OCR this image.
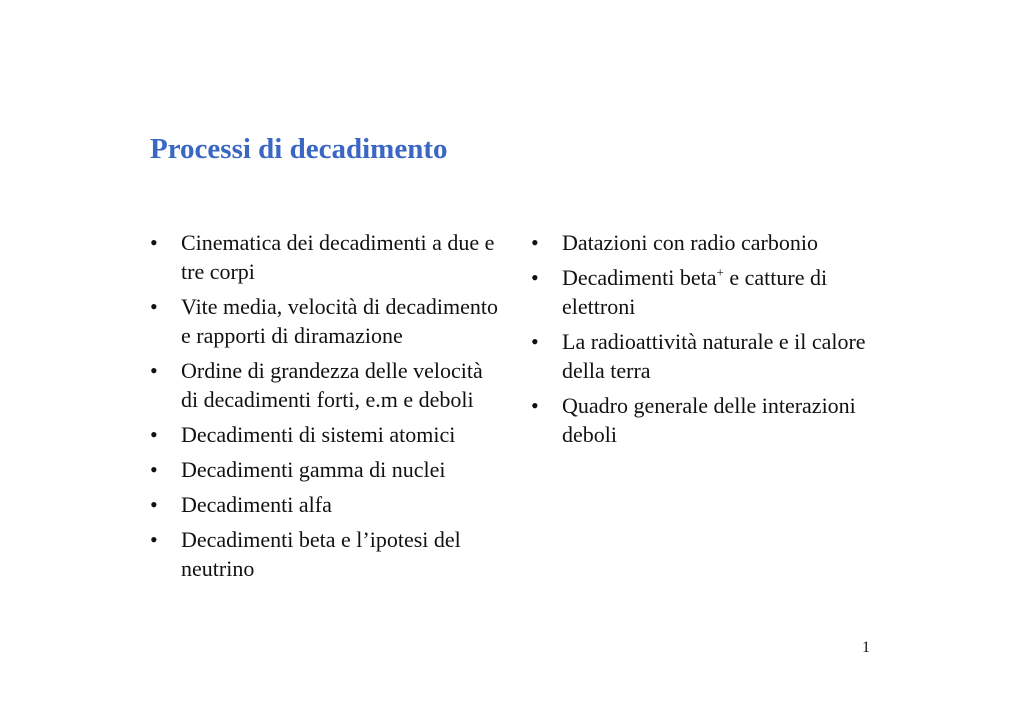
Processi di decadimento
•	Cinematica dei decadimenti a due e tre corpi
•	Vite media, velocità di decadimento e rapporti di diramazione
•	Ordine di grandezza delle velocità di decadimenti forti, e.m e deboli
•	Decadimenti di sistemi atomici
•	Decadimenti gamma di nuclei
•	Decadimenti alfa
•	Decadimenti beta e l’ipotesi del neutrino
•	Datazioni con radio carbonio
•	Decadimenti beta+ e catture di elettroni
•	La radioattività naturale e il calore della terra
•	Quadro generale delle interazioni deboli
1
